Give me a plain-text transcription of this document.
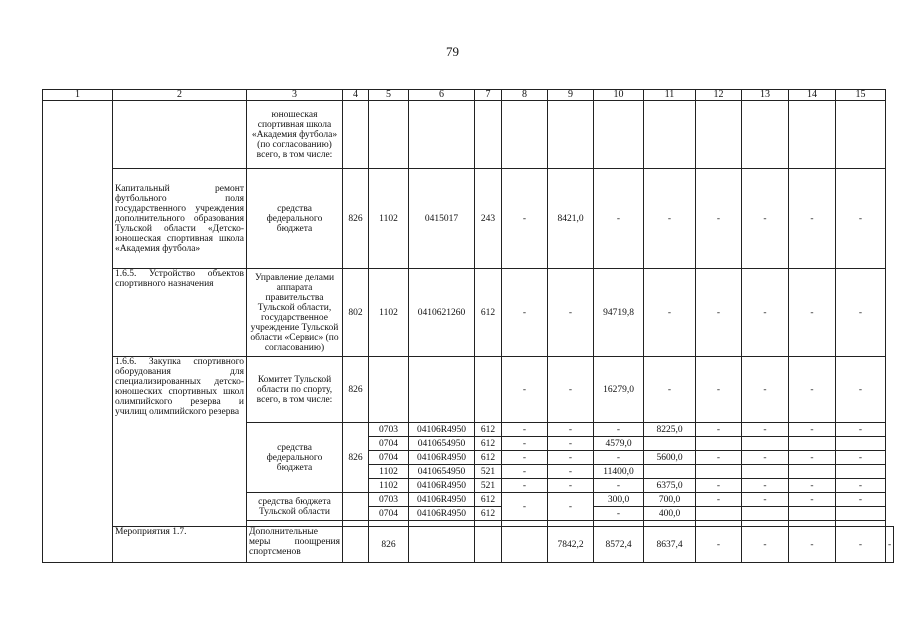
79
1	2	3	4	5	6	7	8	9	10	11	12	13	14	15	
		юношеская спортивная школа «Академия футбола» (по согласованию) всего, в том числе:													
	Капитальный ремонт футбольного поля государственного учреждения дополнительного образования Тульской области «Детско-юношеская спортивная школа «Академия футбола»	средства федерального бюджета	826	1102	0415017	243	-	8421,0	-	-	-	-	-	-	
	1.6.5. Устройство объектов спортивного назначения	Управление делами аппарата правительства Тульской области, государственное учреждение Тульской области «Сервис» (по согласованию)	802	1102	0410621260	612	-	-	94719,8	-	-	-	-	-	
	1.6.6. Закупка спортивного оборудования для специализированных детско-юношеских спортивных школ олимпийского резерва и училищ олимпийского резерва	Комитет Тульской области по спорту, всего, в том числе:	826				-	-	16279,0	-	-	-	-	-	
		средства федерального бюджета	826	0703	04106R4950	612	-	-	-	8225,0	-	-	-	-	
				0704	0410654950	612	-	-	4579,0						
				0704	04106R4950	612	-	-	-	5600,0	-	-	-	-	
				1102	0410654950	521	-	-	11400,0						
				1102	04106R4950	521	-	-	-	6375,0	-	-	-	-	
		средства бюджета Тульской области		0703	04106R4950	612	-	-	300,0	700,0	-	-	-	-	
				0704	04106R4950	612			-	400,0					

	Мероприятия 1.7.	Дополнительные меры поощрения спортсменов		826				7842,2	8572,4	8637,4	-	-	-	-	-
